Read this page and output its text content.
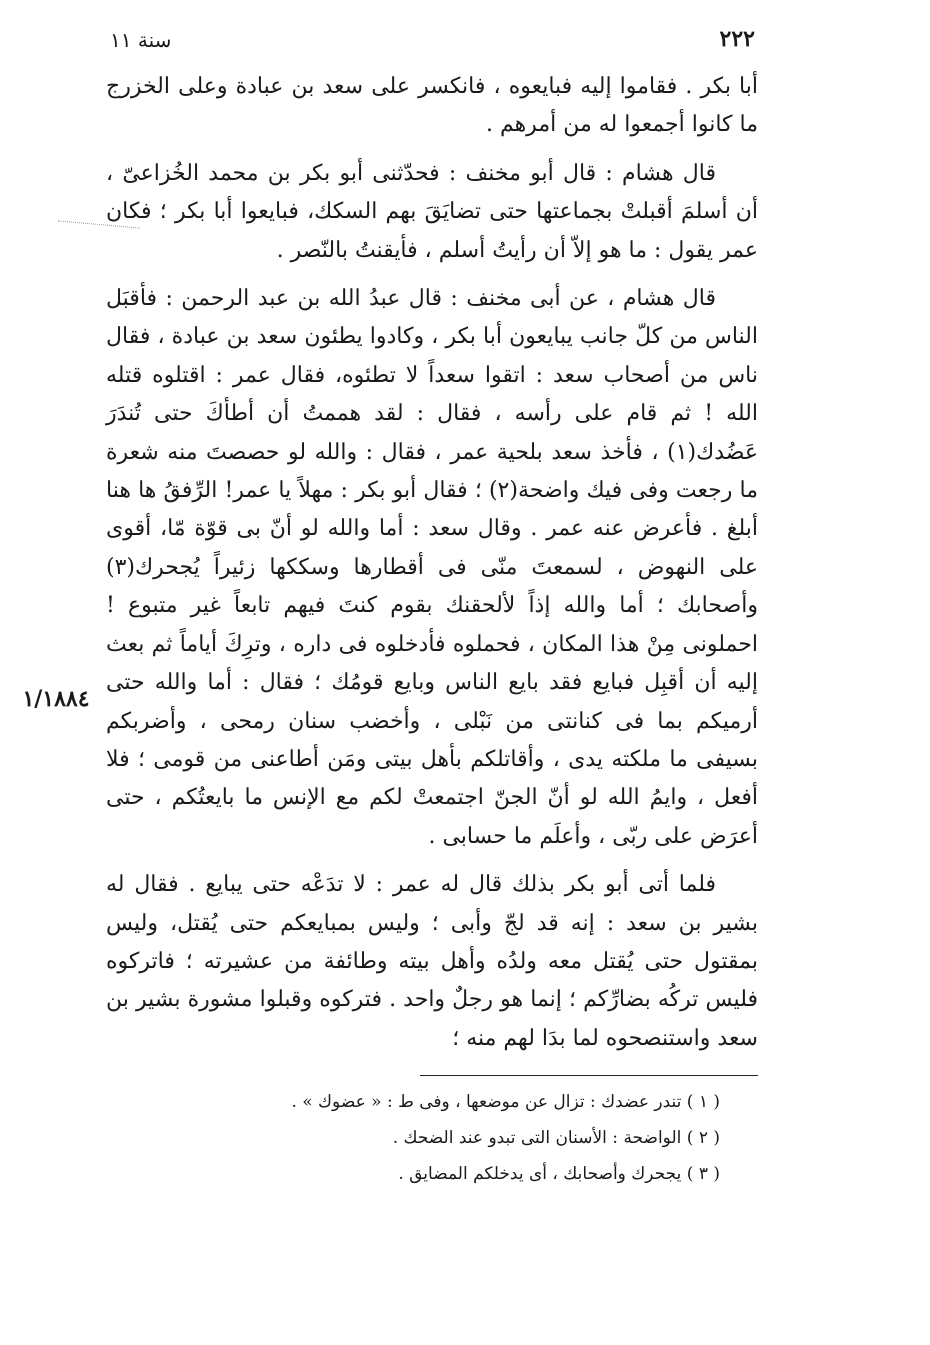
٢٢٢
سنة ١١
١/١٨٨٤

أبا بكر . فقاموا إليه فبايعوه ، فانكسر على سعد بن عبادة وعلى الخزرج ما كانوا أجمعوا له من أمرهم .

قال هشام : قال أبو مخنف : فحدّثنى أبو بكر بن محمد الخُزاعىّ ، أن أسلمَ أقبلتْ بجماعتها حتى تضايَقَ بهم السكك، فبايعوا أبا بكر ؛ فكان عمر يقول : ما هو إلاّ أن رأيتُ أسلم ، فأيقنتُ بالنّصر .

قال هشام ، عن أبى مخنف : قال عبدُ الله بن عبد الرحمن : فأقبَل الناس من كلّ جانب يبايعون أبا بكر ، وكادوا يطئون سعد بن عبادة ، فقال ناس من أصحاب سعد : اتقوا سعداً لا تطئوه، فقال عمر : اقتلوه قتله الله ! ثم قام على رأسه ، فقال : لقد هممتُ أن أطأكَ حتى تُندَرَ عَضُدك(١) ، فأخذ سعد بلحية عمر ، فقال : والله لو حصصتَ منه شعرة ما رجعت وفى فيك واضحة(٢) ؛ فقال أبو بكر : مهلاً يا عمر! الرِّفقُ ها هنا أبلغ . فأعرض عنه عمر . وقال سعد : أما والله لو أنّ بى قوّة مّا، أقوى على النهوض ، لسمعتَ منّى فى أقطارها وسككها زئيراً يُجحرك(٣) وأصحابك ؛ أما والله إذاً لألحقنك بقوم كنتَ فيهم تابعاً غير متبوع ! احملونى مِنْ هذا المكان ، فحملوه فأدخلوه فى داره ، وترِكَ أياماً ثم بعث إليه أن أقبِل فبايع فقد بايع الناس وبايع قومُك ؛ فقال : أما والله حتى أرميكم بما فى كنانتى من نَبْلى ، وأخضب سنان رمحى ، وأضربكم بسيفى ما ملكته يدى ، وأقاتلكم بأهل بيتى ومَن أطاعنى من قومى ؛ فلا أفعل ، وايمُ الله لو أنّ الجنّ اجتمعتْ لكم مع الإنس ما بايعتُكم ، حتى أعرَض على ربّى ، وأعلَم ما حسابى .

فلما أتى أبو بكر بذلك قال له عمر : لا تدَعْه حتى يبايع . فقال له بشير بن سعد : إنه قد لجّ وأبى ؛ وليس بمبايعكم حتى يُقتل، وليس بمقتول حتى يُقتل معه ولدُه وأهل بيته وطائفة من عشيرته ؛ فاتركوه فليس تركُه بضارِّكم ؛ إنما هو رجلٌ واحد . فتركوه وقبلوا مشورة بشير بن سعد واستنصحوه لما بدَا لهم منه ؛

( ١ ) تندر عضدك : تزال عن موضعها ، وفى ط : « عضوك » .

( ٢ ) الواضحة : الأسنان التى تبدو عند الضحك .

( ٣ ) يجحرك وأصحابك ، أى يدخلكم المضايق .
